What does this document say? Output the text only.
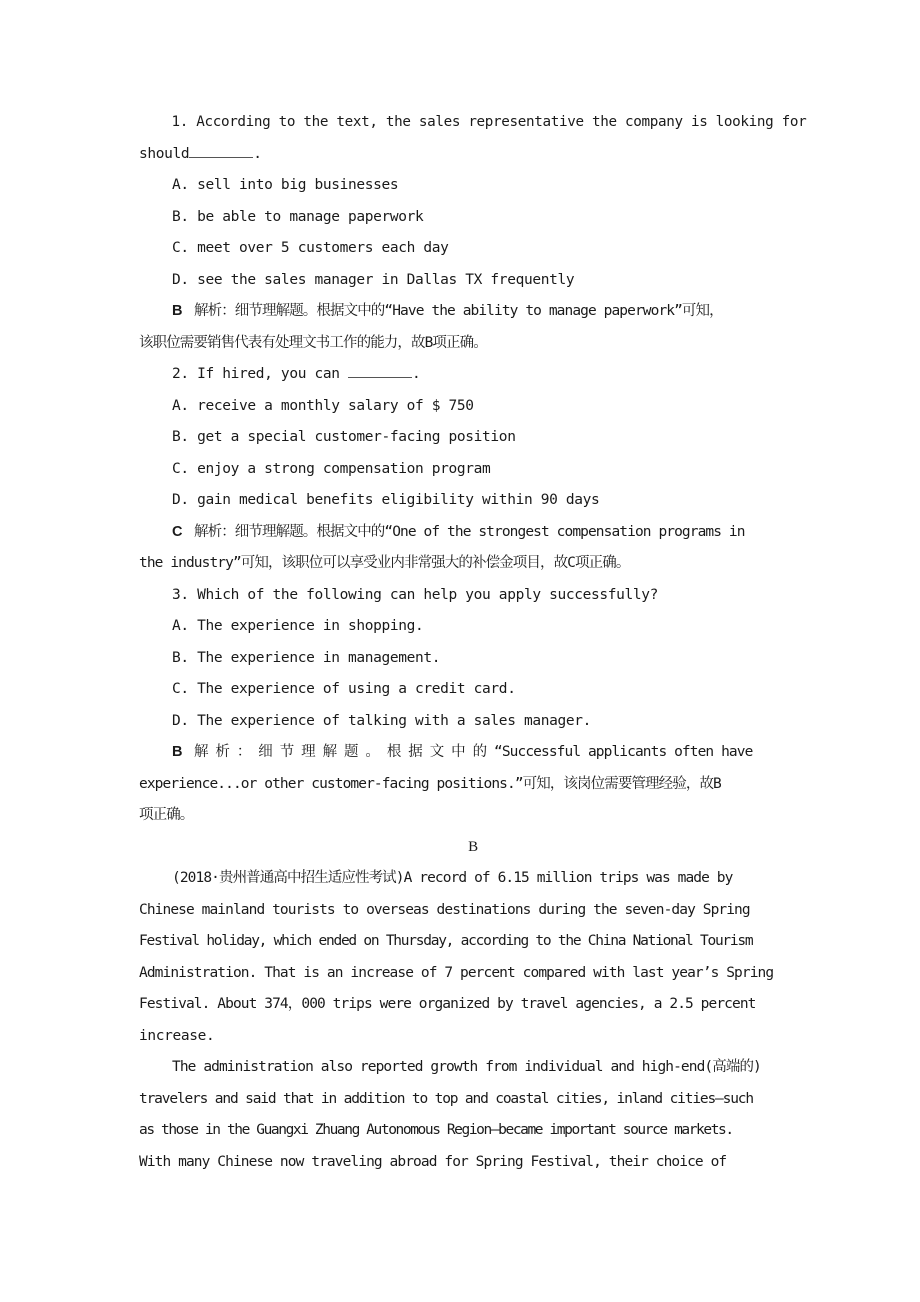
1. According to the text, the sales representative the company is looking for
should	.
A. sell into big businesses
B. be able to manage paperwork
C. meet over 5 customers each day
D. see the sales manager in Dallas TX frequently
B 解析：细节理解题。根据文中的“Have the ability to manage paperwork”可知，
该职位需要销售代表有处理文书工作的能力，故B项正确。
2. If hired, you can	.
A. receive a monthly salary of $ 750
B. get a special customer-facing position
C. enjoy a strong compensation program
D. gain medical benefits eligibility within 90 days
C 解析：细节理解题。根据文中的“One of the strongest compensation programs in
the industry”可知，该职位可以享受业内非常强大的补偿金项目，故C项正确。
3. Which of the following can help you apply successfully?
A. The experience in shopping.
B. The experience in management.
C. The experience of using a credit card.
D. The experience of talking with a sales manager.
B 解 析 ： 细 节 理 解 题 。 根 据 文 中 的 “Successful applicants often have
experience...or other customer-facing positions.”可知，该岗位需要管理经验，故B
项正确。
B
(2018·贵州普通高中招生适应性考试)A record of 6.15 million trips was made by
Chinese mainland tourists to overseas destinations during the seven-day Spring
Festival holiday, which ended on Thursday, according to the China National Tourism
Administration. That is an increase of 7 percent compared with last year’s Spring
Festival. About 374，000 trips were organized by travel agencies, a 2.5 percent
increase.
The administration also reported growth from individual and high-end(高端的)
travelers and said that in addition to top and coastal cities, inland cities—such
as those in the Guangxi Zhuang Autonomous Region—became important source markets.
With many Chinese now traveling abroad for Spring Festival, their choice of
